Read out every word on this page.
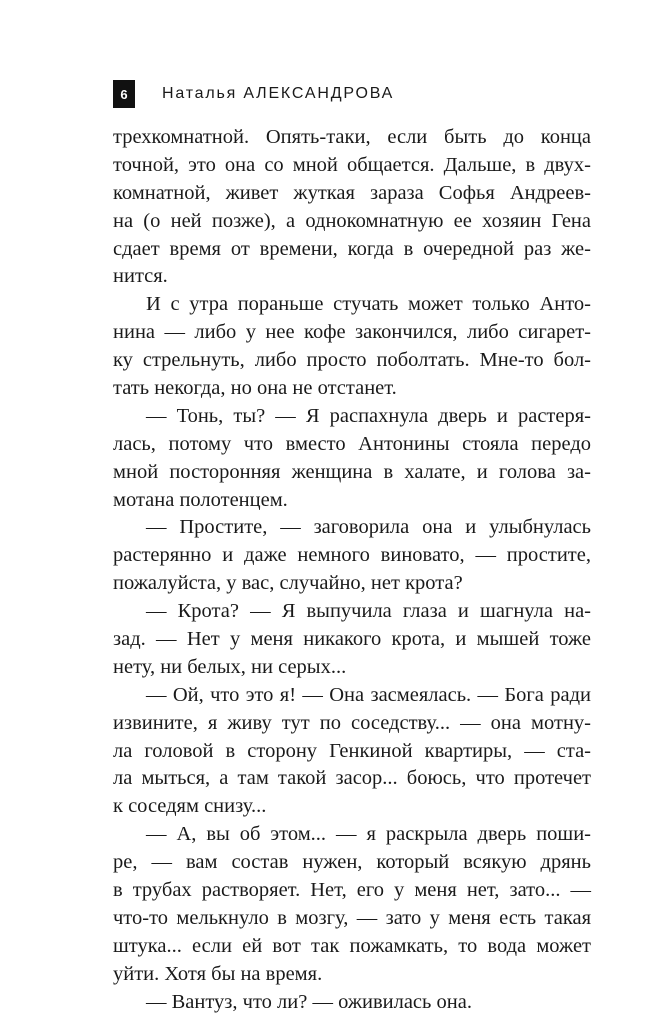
6	Наталья АЛЕКСАНДРОВА
трехкомнатной. Опять-таки, если быть до конца
точной, это она со мной общается. Дальше, в двух-
комнатной, живет жуткая зараза Софья Андреев-
на (о ней позже), а однокомнатную ее хозяин Гена
сдает время от времени, когда в очередной раз же-
нится.
И с утра пораньше стучать может только Анто-
нина — либо у нее кофе закончился, либо сигарет-
ку стрельнуть, либо просто поболтать. Мне-то бол-
тать некогда, но она не отстанет.
— Тонь, ты? — Я распахнула дверь и растеря-
лась, потому что вместо Антонины стояла передо
мной посторонняя женщина в халате, и голова за-
мотана полотенцем.
— Простите, — заговорила она и улыбнулась
растерянно и даже немного виновато, — простите,
пожалуйста, у вас, случайно, нет крота?
— Крота? — Я выпучила глаза и шагнула на-
зад. — Нет у меня никакого крота, и мышей тоже
нету, ни белых, ни серых...
— Ой, что это я! — Она засмеялась. — Бога ради
извините, я живу тут по соседству... — она мотну-
ла головой в сторону Генкиной квартиры, — ста-
ла мыться, а там такой засор... боюсь, что протечет
к соседям снизу...
— А, вы об этом... — я раскрыла дверь поши-
ре, — вам состав нужен, который всякую дрянь
в трубах растворяет. Нет, его у меня нет, зато... —
что-то мелькнуло в мозгу, — зато у меня есть такая
штука... если ей вот так пожамкать, то вода может
уйти. Хотя бы на время.
— Вантуз, что ли? — оживилась она.
